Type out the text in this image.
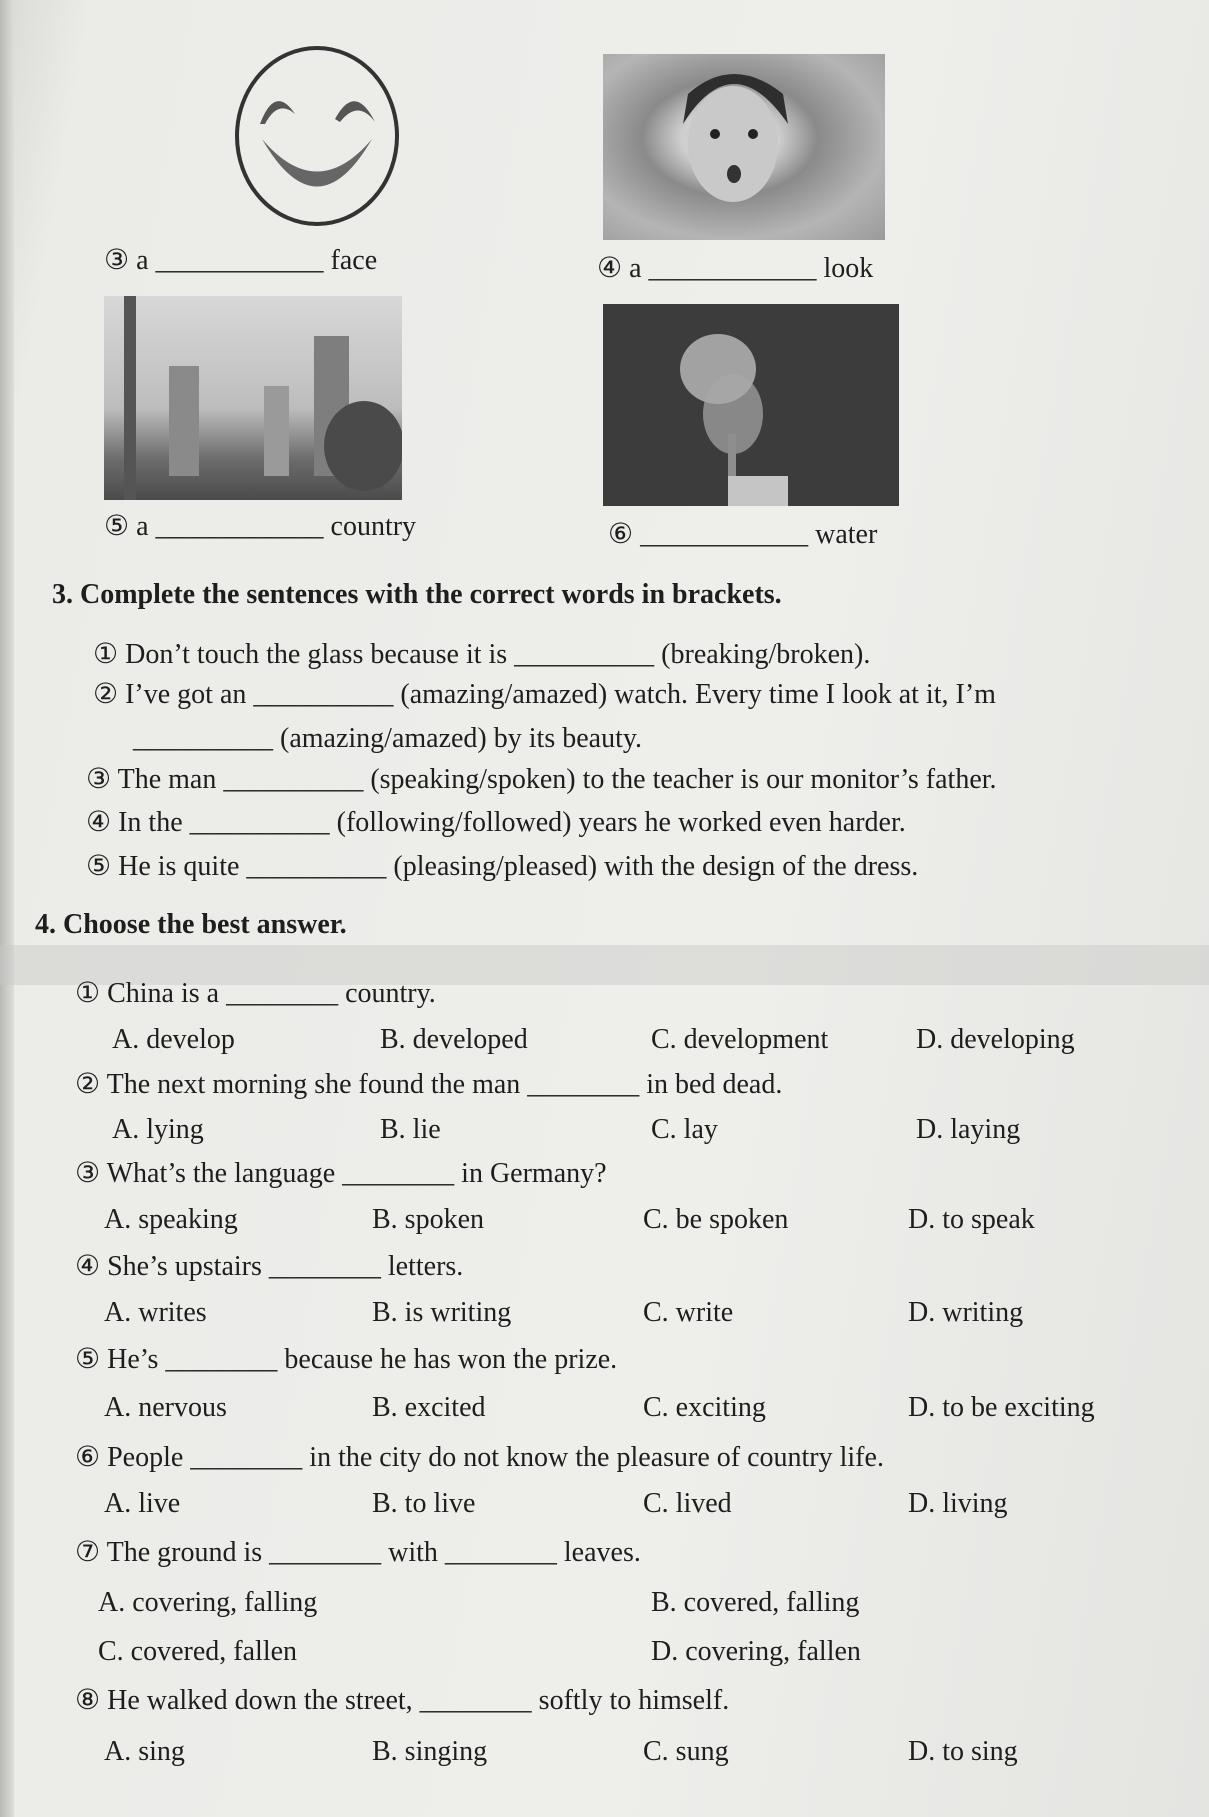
③ a ____________ face	④ a ____________ look
⑤ a ____________ country	⑥ ____________ water
3. Complete the sentences with the correct words in brackets.
① Don’t touch the glass because it is __________ (breaking/broken).
② I’ve got an __________ (amazing/amazed) watch. Every time I look at it, I’m
__________ (amazing/amazed) by its beauty.
③ The man __________ (speaking/spoken) to the teacher is our monitor’s father.
④ In the __________ (following/followed) years he worked even harder.
⑤ He is quite __________ (pleasing/pleased) with the design of the dress.
4. Choose the best answer.
① China is a ________ country.
A. develop	B. developed	C. development	D. developing
② The next morning she found the man ________ in bed dead.
A. lying	B. lie	C. lay	D. laying
③ What’s the language ________ in Germany?
A. speaking	B. spoken	C. be spoken	D. to speak
④ She’s upstairs ________ letters.
A. writes	B. is writing	C. write	D. writing
⑤ He’s ________ because he has won the prize.
A. nervous	B. excited	C. exciting	D. to be exciting
⑥ People ________ in the city do not know the pleasure of country life.
A. live	B. to live	C. lived	D. living
⑦ The ground is ________ with ________ leaves.
A. covering, falling	B. covered, falling
C. covered, fallen	D. covering, fallen
⑧ He walked down the street, ________ softly to himself.
A. sing	B. singing	C. sung	D. to sing
